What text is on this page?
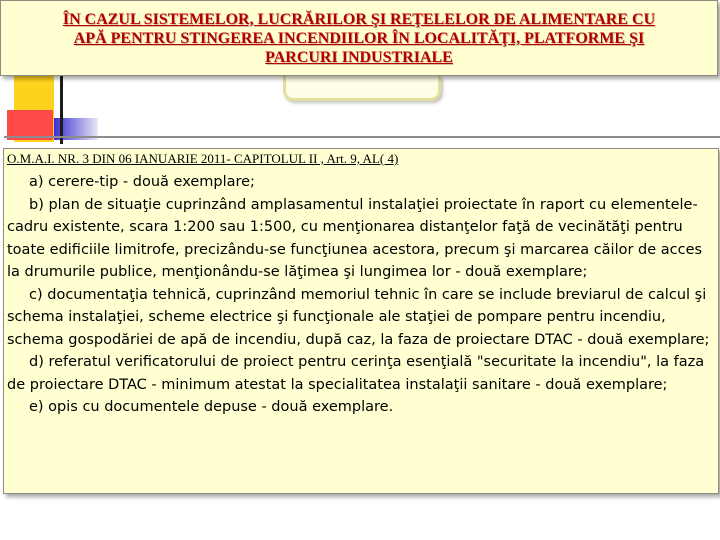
ÎN CAZUL SISTEMELOR, LUCRĂRILOR ŞI REŢELELOR DE ALIMENTARE CU APĂ PENTRU STINGEREA INCENDIILOR ÎN LOCALITĂŢI, PLATFORME ŞI PARCURI INDUSTRIALE

O.M.A.I. NR. 3 DIN 06 IANUARIE 2011- CAPITOLUL II , Art. 9, AL( 4)

a) cerere-tip - două exemplare;

b) plan de situaţie cuprinzând amplasamentul instalaţiei proiectate în raport cu elementele-cadru existente, scara 1:200 sau 1:500, cu menţionarea distanţelor faţă de vecinătăţi pentru toate edificiile limitrofe, precizându-se funcţiunea acestora, precum şi marcarea căilor de acces la drumurile publice, menţionându-se lăţimea şi lungimea lor - două exemplare;

c) documentaţia tehnică, cuprinzând memoriul tehnic în care se include breviarul de calcul şi schema instalaţiei, scheme electrice şi funcţionale ale staţiei de pompare pentru incendiu, schema gospodăriei de apă de incendiu, după caz, la faza de proiectare DTAC - două exemplare;

d) referatul verificatorului de proiect pentru cerinţa esenţială "securitate la incendiu", la faza de proiectare DTAC - minimum atestat la specialitatea instalaţii sanitare - două exemplare;

e) opis cu documentele depuse - două exemplare.
